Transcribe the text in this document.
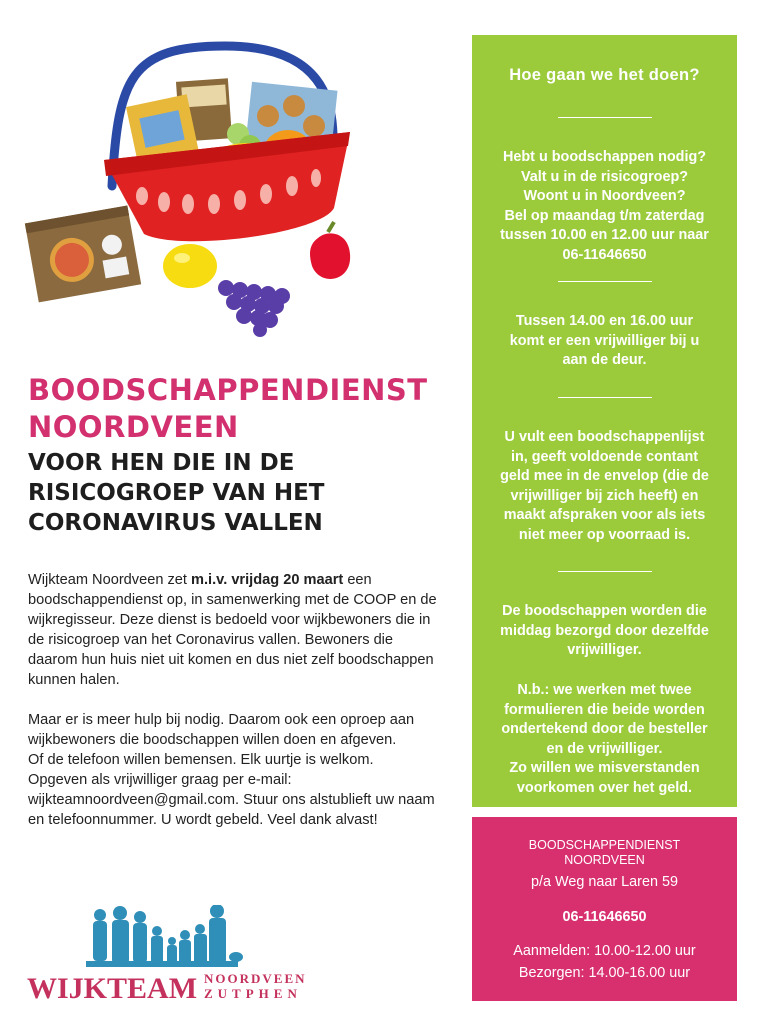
BOODSCHAPPENDIENST
NOORDVEEN
VOOR HEN DIE IN DE
RISICOGROEP VAN HET
CORONAVIRUS VALLEN

Wijkteam Noordveen zet m.i.v. vrijdag 20 maart een
boodschappendienst op, in samenwerking met de COOP en de
wijkregisseur. Deze dienst is bedoeld voor wijkbewoners die in
de risicogroep van het Coronavirus vallen. Bewoners die
daarom hun huis niet uit komen en dus niet zelf boodschappen
kunnen halen.

Maar er is meer hulp bij nodig. Daarom ook een oproep aan
wijkbewoners die boodschappen willen doen en afgeven.
Of de telefoon willen bemensen. Elk uurtje is welkom.
Opgeven als vrijwilliger graag per e-mail:
wijkteamnoordveen@gmail.com. Stuur ons alstublieft uw naam
en telefoonnummer. U wordt gebeld. Veel dank alvast!

WIJKTEAM NOORDVEEN
ZUTPHEN
Hoe gaan we het doen?
Hebt u boodschappen nodig?
Valt u in de risicogroep?
Woont u in Noordveen?
Bel op maandag t/m zaterdag
tussen 10.00 en 12.00 uur naar
06-11646650
Tussen 14.00 en 16.00 uur
komt er een vrijwilliger bij u
aan de deur.
U vult een boodschappenlijst
in, geeft voldoende contant
geld mee in de envelop (die de
vrijwilliger bij zich heeft) en
maakt afspraken voor als iets
niet meer op voorraad is.
De boodschappen worden die
middag bezorgd door dezelfde
vrijwilliger.
N.b.: we werken met twee
formulieren die beide worden
ondertekend door de besteller
en de vrijwilliger.
Zo willen we misverstanden
voorkomen over het geld.
BOODSCHAPPENDIENST
NOORDVEEN
p/a Weg naar Laren 59
06-11646650
Aanmelden: 10.00-12.00 uur
Bezorgen: 14.00-16.00 uur
